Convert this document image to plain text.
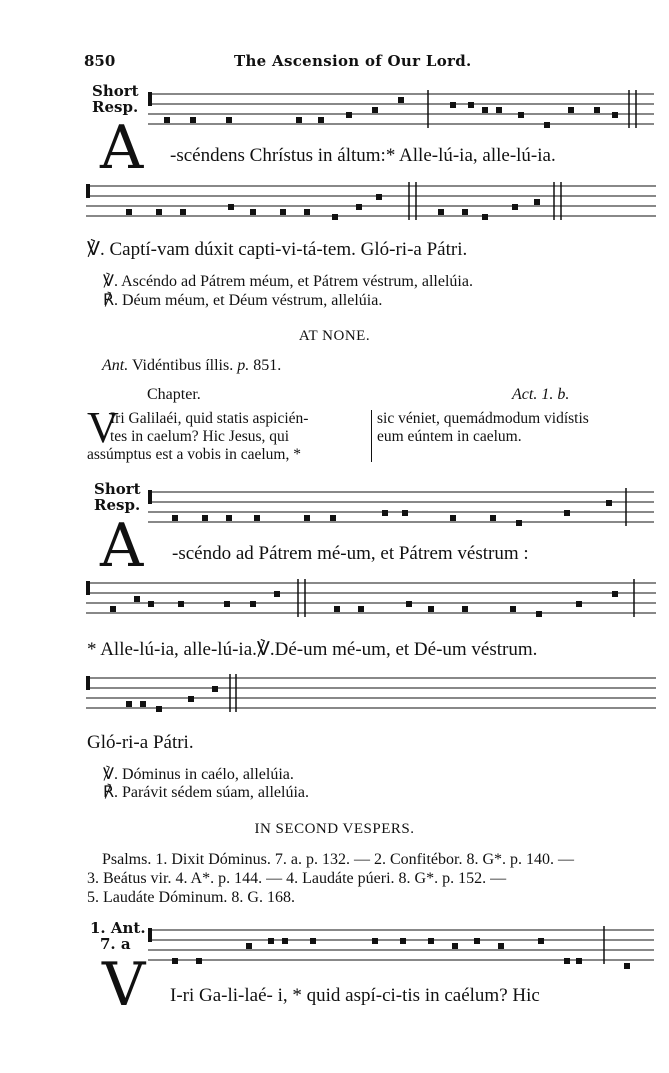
850	The Ascension of Our Lord.
Short
Resp.
A -scéndens Chrístus in áltum:* Alle-lú-ia, alle-lú-ia.
℣. Captí-vam dúxit capti-vi-tá-tem. Gló-ri-a Pátri.
℣. Ascéndo ad Pátrem méum, et Pátrem véstrum, allelúia.
℟. Déum méum, et Déum véstrum, allelúia.
AT NONE.
Ant. Vidéntibus íllis. p. 851.
Chapter.	Act. 1. b.
V
Iri Galilaéi, quid statis aspicién-
tes in caelum? Hic Jesus, qui
assúmptus est a vobis in caelum, *
sic véniet, quemádmodum vidístis
eum eúntem in caelum.
Short
Resp.
A -scéndo ad Pátrem mé-um, et Pátrem véstrum :
* Alle-lú-ia, alle-lú-ia.℣.Dé-um mé-um, et Dé-um véstrum.
Gló-ri-a Pátri.
℣. Dóminus in caélo, allelúia.
℟. Parávit sédem súam, allelúia.
IN SECOND VESPERS.
Psalms. 1. Dixit Dóminus. 7. a. p. 132. — 2. Confitébor. 8. G*. p. 140. —
3. Beátus vir. 4. A*. p. 144. — 4. Laudáte púeri. 8. G*. p. 152. —
5. Laudáte Dóminum. 8. G. 168.
1. Ant.
7. a
V I-ri Ga-li-laé- i, * quid aspí-ci-tis in caélum? Hic
